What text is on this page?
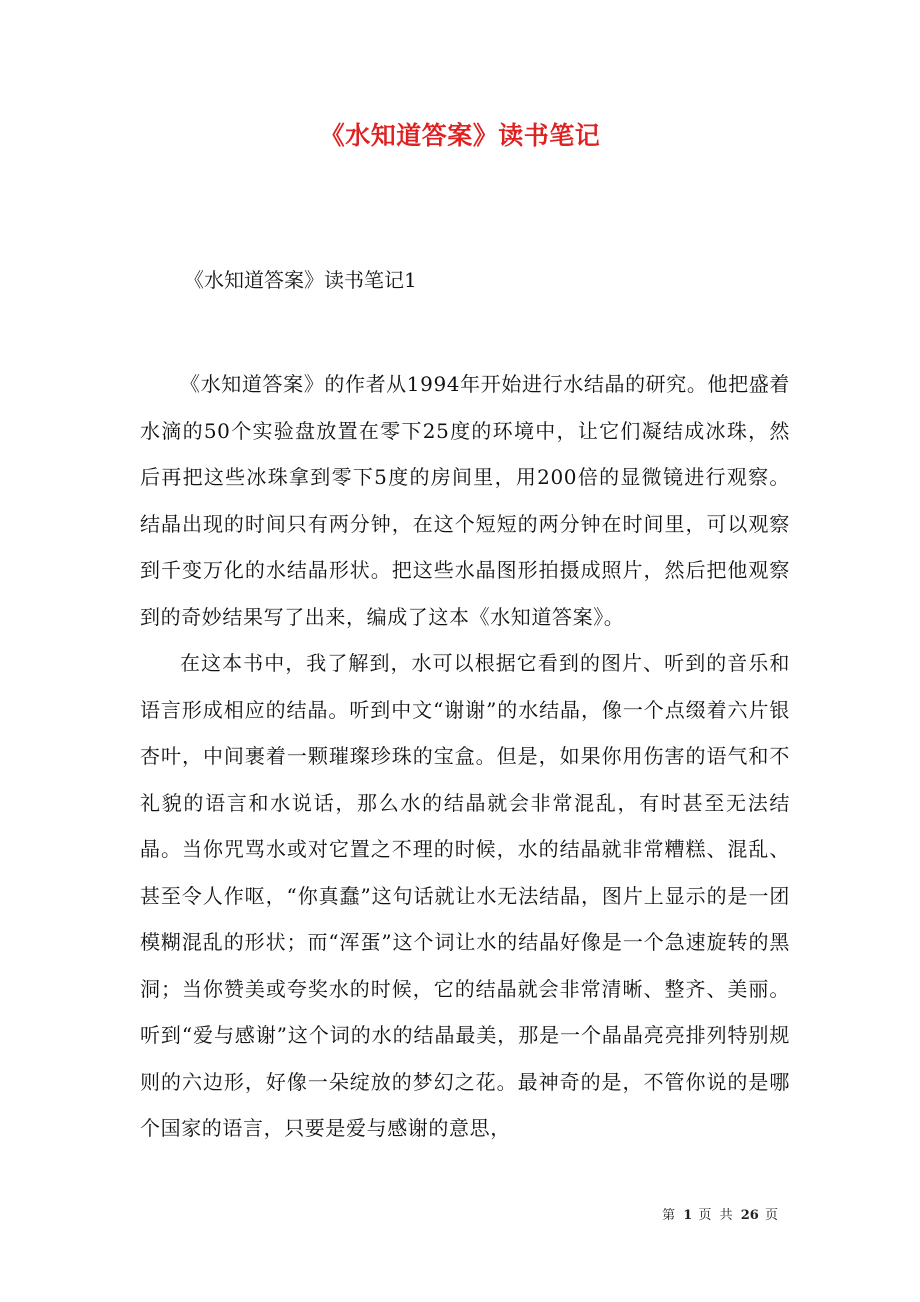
《水知道答案》读书笔记
《水知道答案》读书笔记1

《水知道答案》的作者从1994年开始进行水结晶的研究。他把盛着水滴的50个实验盘放置在零下25度的环境中，让它们凝结成冰珠，然后再把这些冰珠拿到零下5度的房间里，用200倍的显微镜进行观察。结晶出现的时间只有两分钟，在这个短短的两分钟在时间里，可以观察到千变万化的水结晶形状。把这些水晶图形拍摄成照片，然后把他观察到的奇妙结果写了出来，编成了这本《水知道答案》。

在这本书中，我了解到，水可以根据它看到的图片、听到的音乐和语言形成相应的结晶。听到中文“谢谢”的水结晶，像一个点缀着六片银杏叶，中间裹着一颗璀璨珍珠的宝盒。但是，如果你用伤害的语气和不礼貌的语言和水说话，那么水的结晶就会非常混乱，有时甚至无法结晶。当你咒骂水或对它置之不理的时候，水的结晶就非常糟糕、混乱、甚至令人作呕，“你真蠢”这句话就让水无法结晶，图片上显示的是一团模糊混乱的形状；而“浑蛋”这个词让水的结晶好像是一个急速旋转的黑洞；当你赞美或夸奖水的时候，它的结晶就会非常清晰、整齐、美丽。听到“爱与感谢”这个词的水的结晶最美，那是一个晶晶亮亮排列特别规则的六边形，好像一朵绽放的梦幻之花。最神奇的是，不管你说的是哪个国家的语言，只要是爱与感谢的意思，

第 1 页 共 26 页
